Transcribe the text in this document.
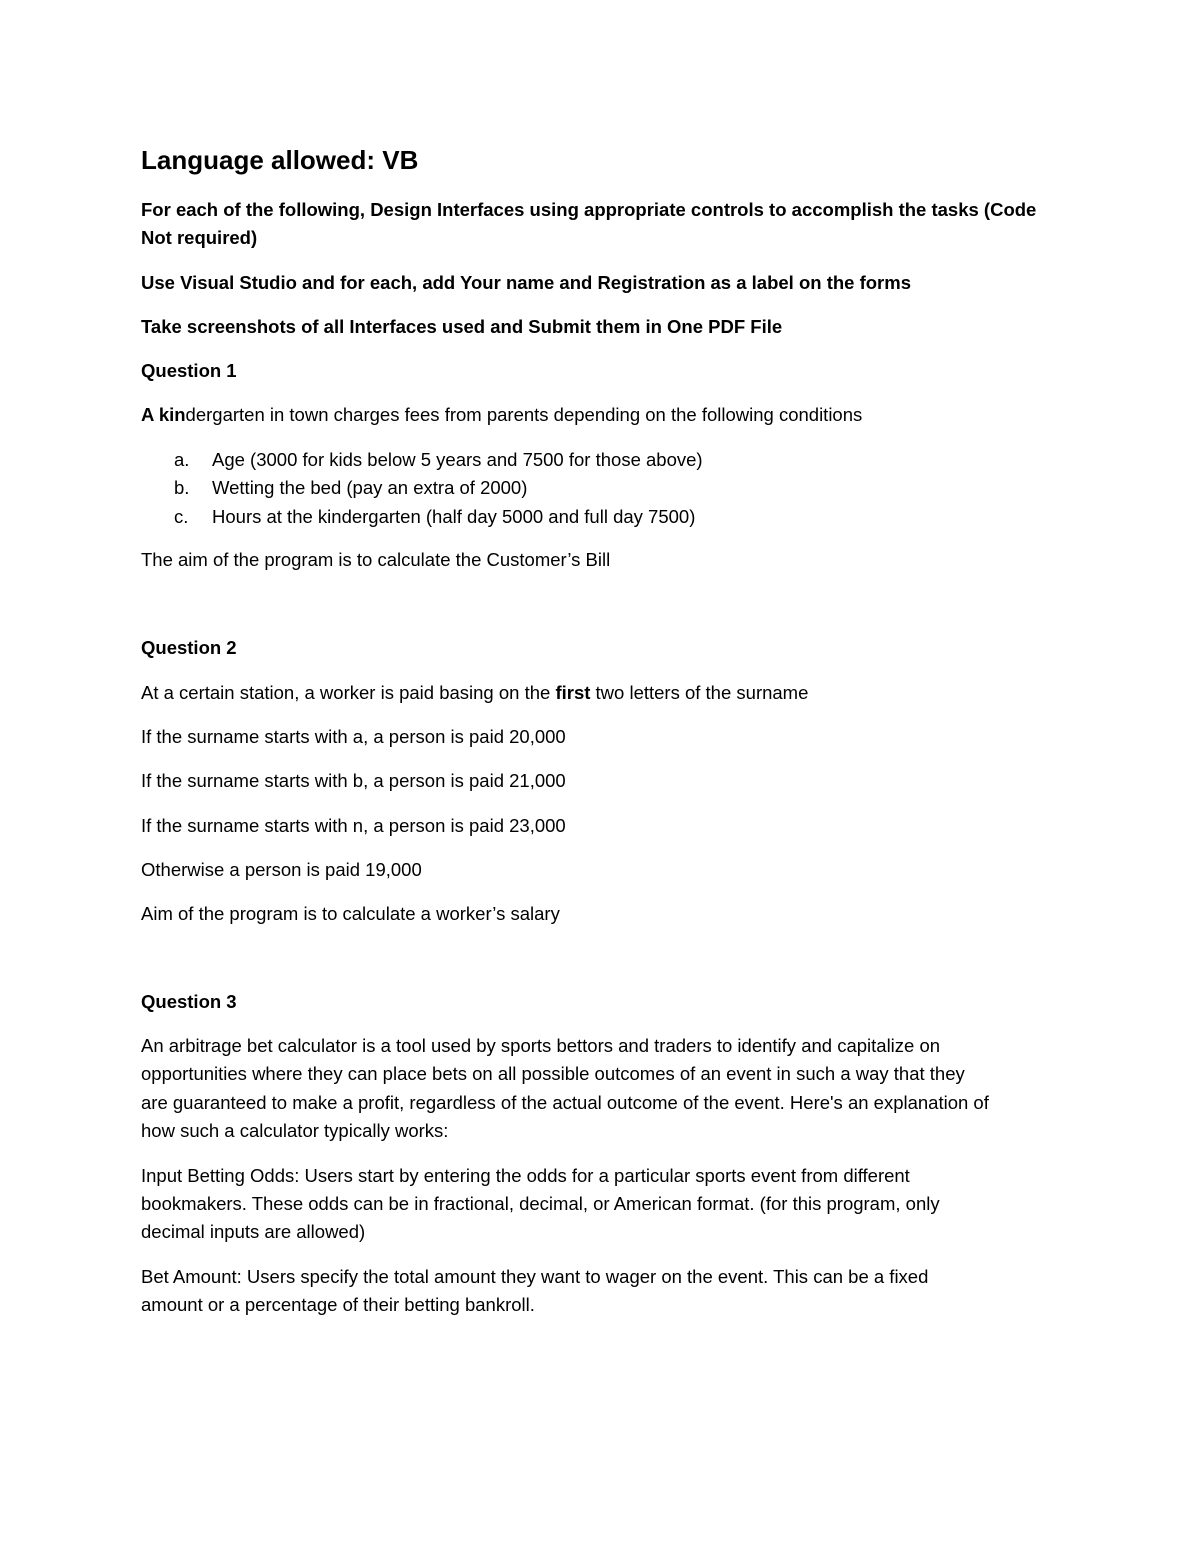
Language allowed: VB

For each of the following, Design Interfaces using appropriate controls to accomplish the tasks (Code

Not required)

Use Visual Studio and for each, add Your name and Registration as a label on the forms

Take screenshots of all Interfaces used and Submit them in One PDF File

Question 1

A kindergarten in town charges fees from parents depending on the following conditions

a. Age (3000 for kids below 5 years and 7500 for those above)

b. Wetting the bed (pay an extra of 2000)

c. Hours at the kindergarten (half day 5000 and full day 7500)

The aim of the program is to calculate the Customer’s Bill

Question 2

At a certain station, a worker is paid basing on the first two letters of the surname

If the surname starts with a, a person is paid 20,000

If the surname starts with b, a person is paid 21,000

If the surname starts with n, a person is paid 23,000

Otherwise a person is paid 19,000

Aim of the program is to calculate a worker’s salary

Question 3

An arbitrage bet calculator is a tool used by sports bettors and traders to identify and capitalize on

opportunities where they can place bets on all possible outcomes of an event in such a way that they

are guaranteed to make a profit, regardless of the actual outcome of the event. Here's an explanation of

how such a calculator typically works:

Input Betting Odds: Users start by entering the odds for a particular sports event from different

bookmakers. These odds can be in fractional, decimal, or American format. (for this program, only

decimal inputs are allowed)

Bet Amount: Users specify the total amount they want to wager on the event. This can be a fixed

amount or a percentage of their betting bankroll.
